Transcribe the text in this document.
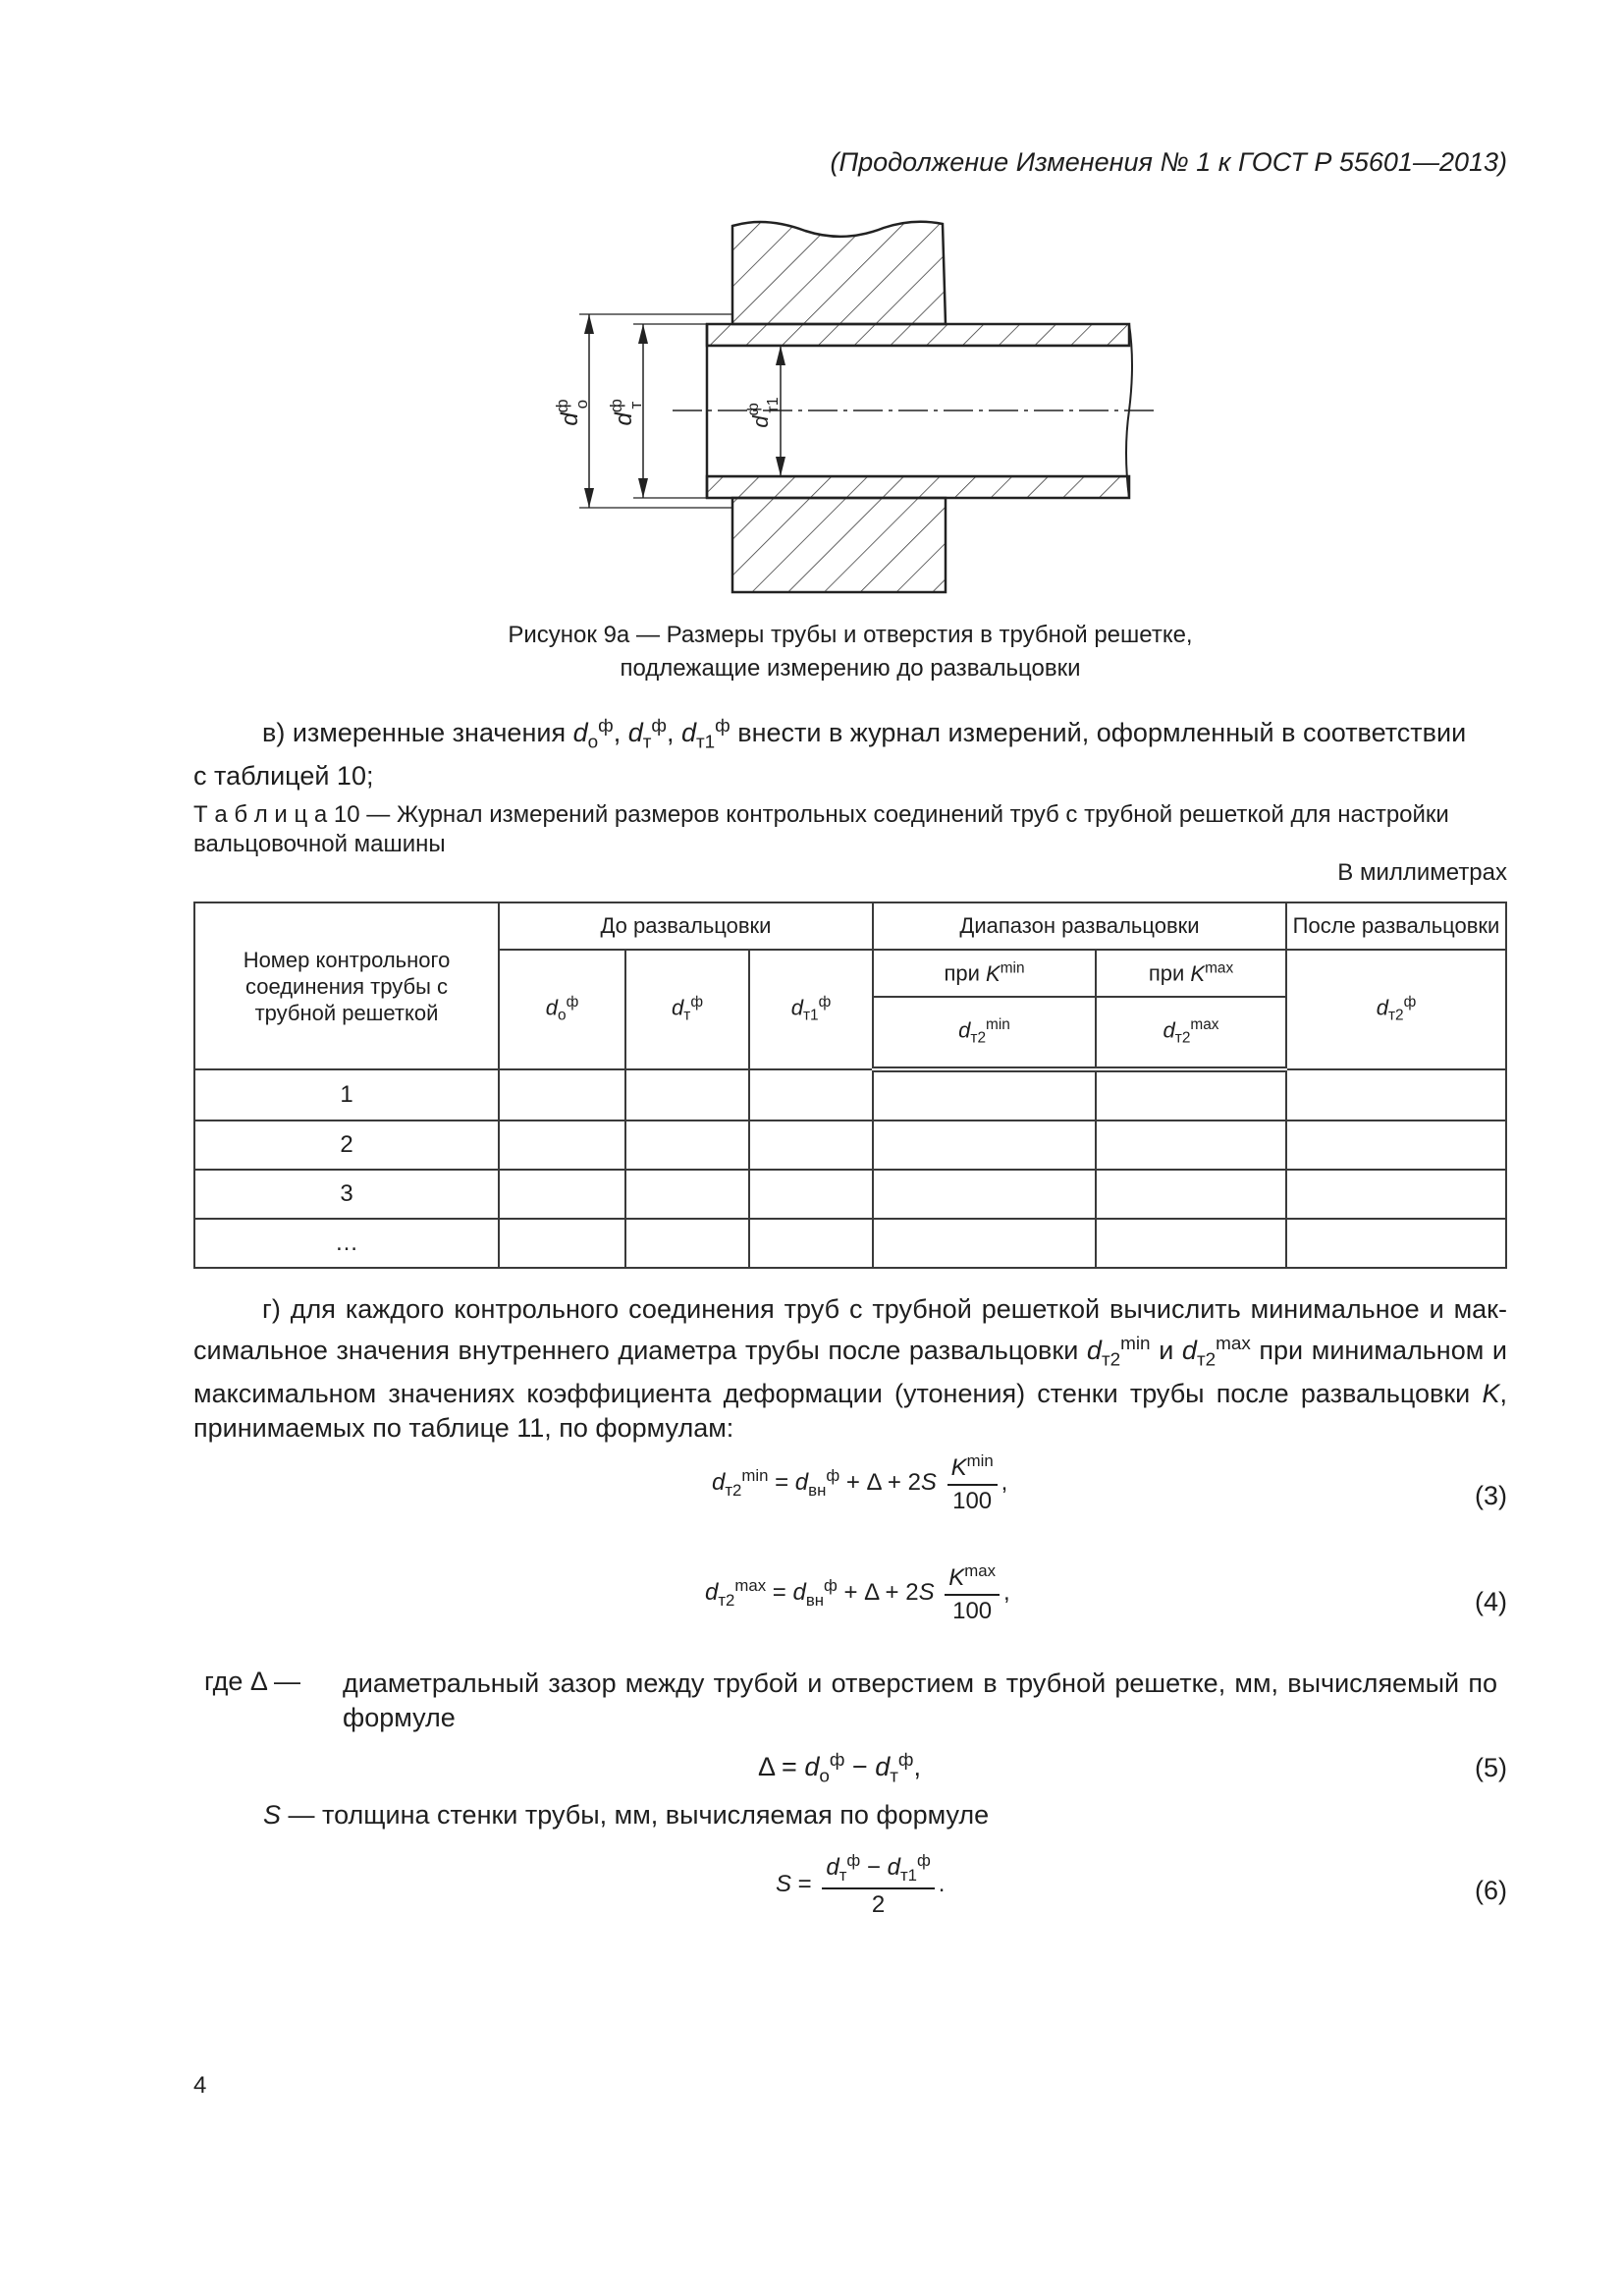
(Продолжение Изменения № 1 к ГОСТ Р 55601—2013)
$d^фо$
$d^фт$
$d^ф$ т1
Рисунок 9а — Размеры трубы и отверстия в трубной решетке,
подлежащие измерению до развальцовки
в) измеренные значения $d_о^ф$, $d_т^ф$, $d_{т1}^ф$ внести в журнал измерений, оформленный в соответствии
с таблицей 10;
Т а б л и ц а 10 — Журнал измерений размеров контрольных соединений труб с трубной решеткой для настройки вальцовочной машины
В миллиметрах
Номер контрольного соединения трубы с трубной решеткой	До развальцовки			Диапазон развальцовки		После развальцовки
	$d_о^ф$	$d_т^ф$	$d_{т1}^ф$	при $K^{min}$	при $K^{max}$	$d_{т2}^ф$
				$d_{т2}^{min}$	$d_{т2}^{max}$
1						
2						
3						
…						
г) для каждого контрольного соединения труб с трубной решеткой вычислить минимальное и мак-симальное значения внутреннего диаметра трубы после развальцовки $d_{т2}^{min}$ и $d_{т2}^{max}$ при минимальном и максимальном значениях коэффициента деформации (утонения) стенки трубы после развальцовки K, принимаемых по таблице 11, по формулам:
$d_{т2}^{min} = d_{вн}^ф + \Delta + 2S \frac{K^{min}}{100}$ ,	(3)
$d_{т2}^{max} = d_{вн}^ф + \Delta + 2S \frac{K^{max}}{100}$ ,	(4)
где Δ — диаметральный зазор между трубой и отверстием в трубной решетке, мм, вычисляемый по формуле
$\Delta = d_о^ф - d_т^ф$,	(5)
S — толщина стенки трубы, мм, вычисляемая по формуле
$S = \frac{d_т^ф - d_{т1}^ф}{2}$ .	(6)
4
